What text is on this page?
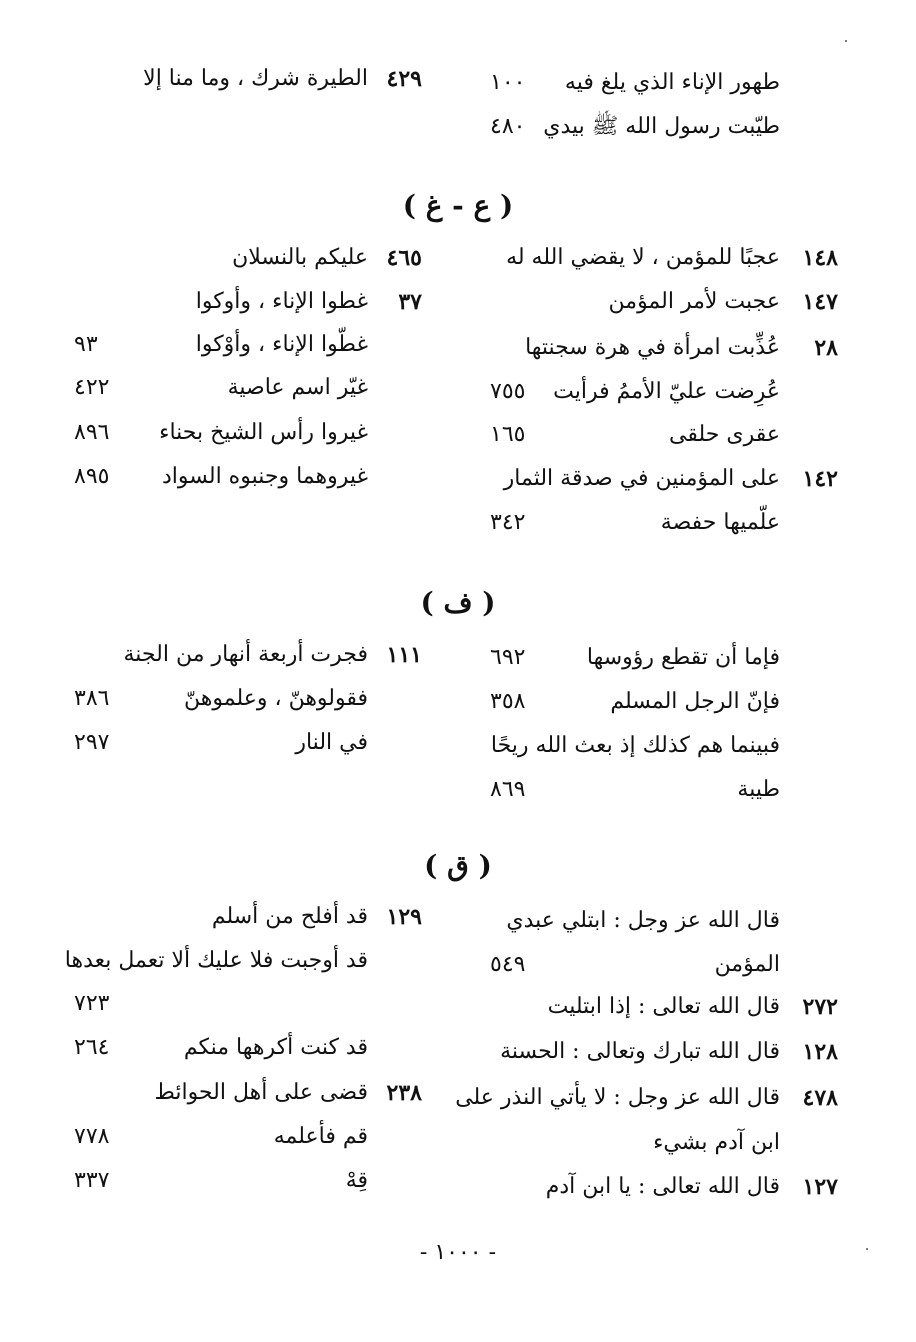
طهور الإناء الذي يلغ فيه
١٠٠
طيّبت رسول الله ﷺ بيدي
٤٨٠
٤٢٩
الطيرة شرك ، وما منا إلا
( ع - غ )
١٤٨
عجبًا للمؤمن ، لا يقضي الله له
١٤٧
عجبت لأمر المؤمن
٢٨
عُذِّبت امرأة في هرة سجنتها
عُرِضت عليّ الأممُ فرأيت
٧٥٥
عقرى حلقى
١٦٥
١٤٢
على المؤمنين في صدقة الثمار
علّميها حفصة
٣٤٢
٤٦٥
عليكم بالنسلان
٣٧
غطوا الإناء ، وأوكوا
غطّوا الإناء ، وأوْكوا
٩٣
غيّر اسم عاصية
٤٢٢
غيروا رأس الشيخ بحناء
٨٩٦
غيروهما وجنبوه السواد
٨٩٥
( ف )
فإما أن تقطع رؤوسها
٦٩٢
فإنّ الرجل المسلم
٣٥٨
فبينما هم كذلك إذ بعث الله ريحًا
طيبة
٨٦٩
١١١
فجرت أربعة أنهار من الجنة
فقولوهنّ ، وعلموهنّ
٣٨٦
في النار
٢٩٧
( ق )
قال الله عز وجل : ابتلي عبدي
المؤمن
٥٤٩
٢٧٢
قال الله تعالى : إذا ابتليت
١٢٨
قال الله تبارك وتعالى : الحسنة
٤٧٨
قال الله عز وجل : لا يأتي النذر على
ابن آدم بشيء
١٢٧
قال الله تعالى : يا ابن آدم
١٢٩
قد أفلح من أسلم
قد أوجبت فلا عليك ألا تعمل بعدها
٧٢٣
قد كنت أكرهها منكم
٢٦٤
٢٣٨
قضى على أهل الحوائط
قم فأعلمه
٧٧٨
قِهْ
٣٣٧
- ١٠٠٠ -
